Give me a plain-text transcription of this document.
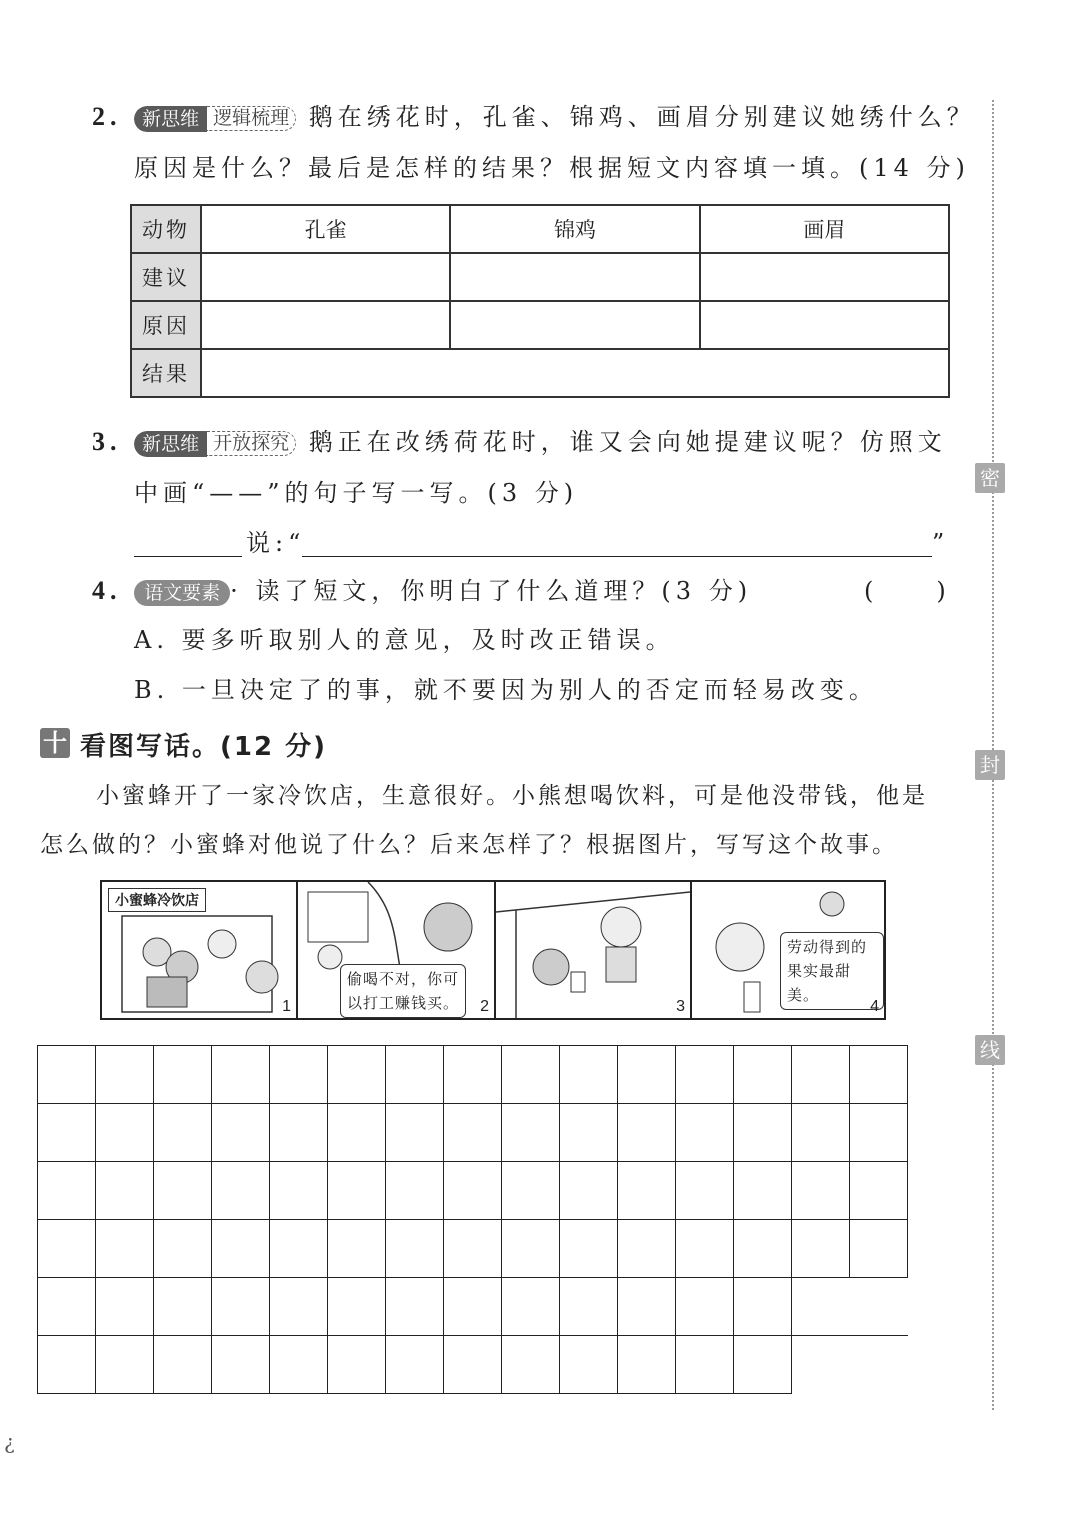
密
封
线
2.	新思维 逻辑梳理 鹅在绣花时，孔雀、锦鸡、画眉分别建议她绣什么？
原因是什么？最后是怎样的结果？根据短文内容填一填。(14 分)
动物	孔雀	锦鸡	画眉
建议			
原因			
结果			
3.	新思维 开放探究 鹅正在改绣荷花时，谁又会向她提建议呢？仿照文
中画“——”的句子写一写。(3 分)
说:“	”
4. 语文要素 · 读了短文，你明白了什么道理？(3 分)	(　　)
A. 要多听取别人的意见，及时改正错误。
B. 一旦决定了的事，就不要因为别人的否定而轻易改变。
十 看图写话。(12 分)
小蜜蜂开了一家冷饮店，生意很好。小熊想喝饮料，可是他没带钱，他是
怎么做的？小蜜蜂对他说了什么？后来怎样了？根据图片，写写这个故事。
小蜜蜂冷饮店
1
偷喝不对，你可
以打工赚钱买。 2	3
劳动得到的
果实最甜美。
4

¿
